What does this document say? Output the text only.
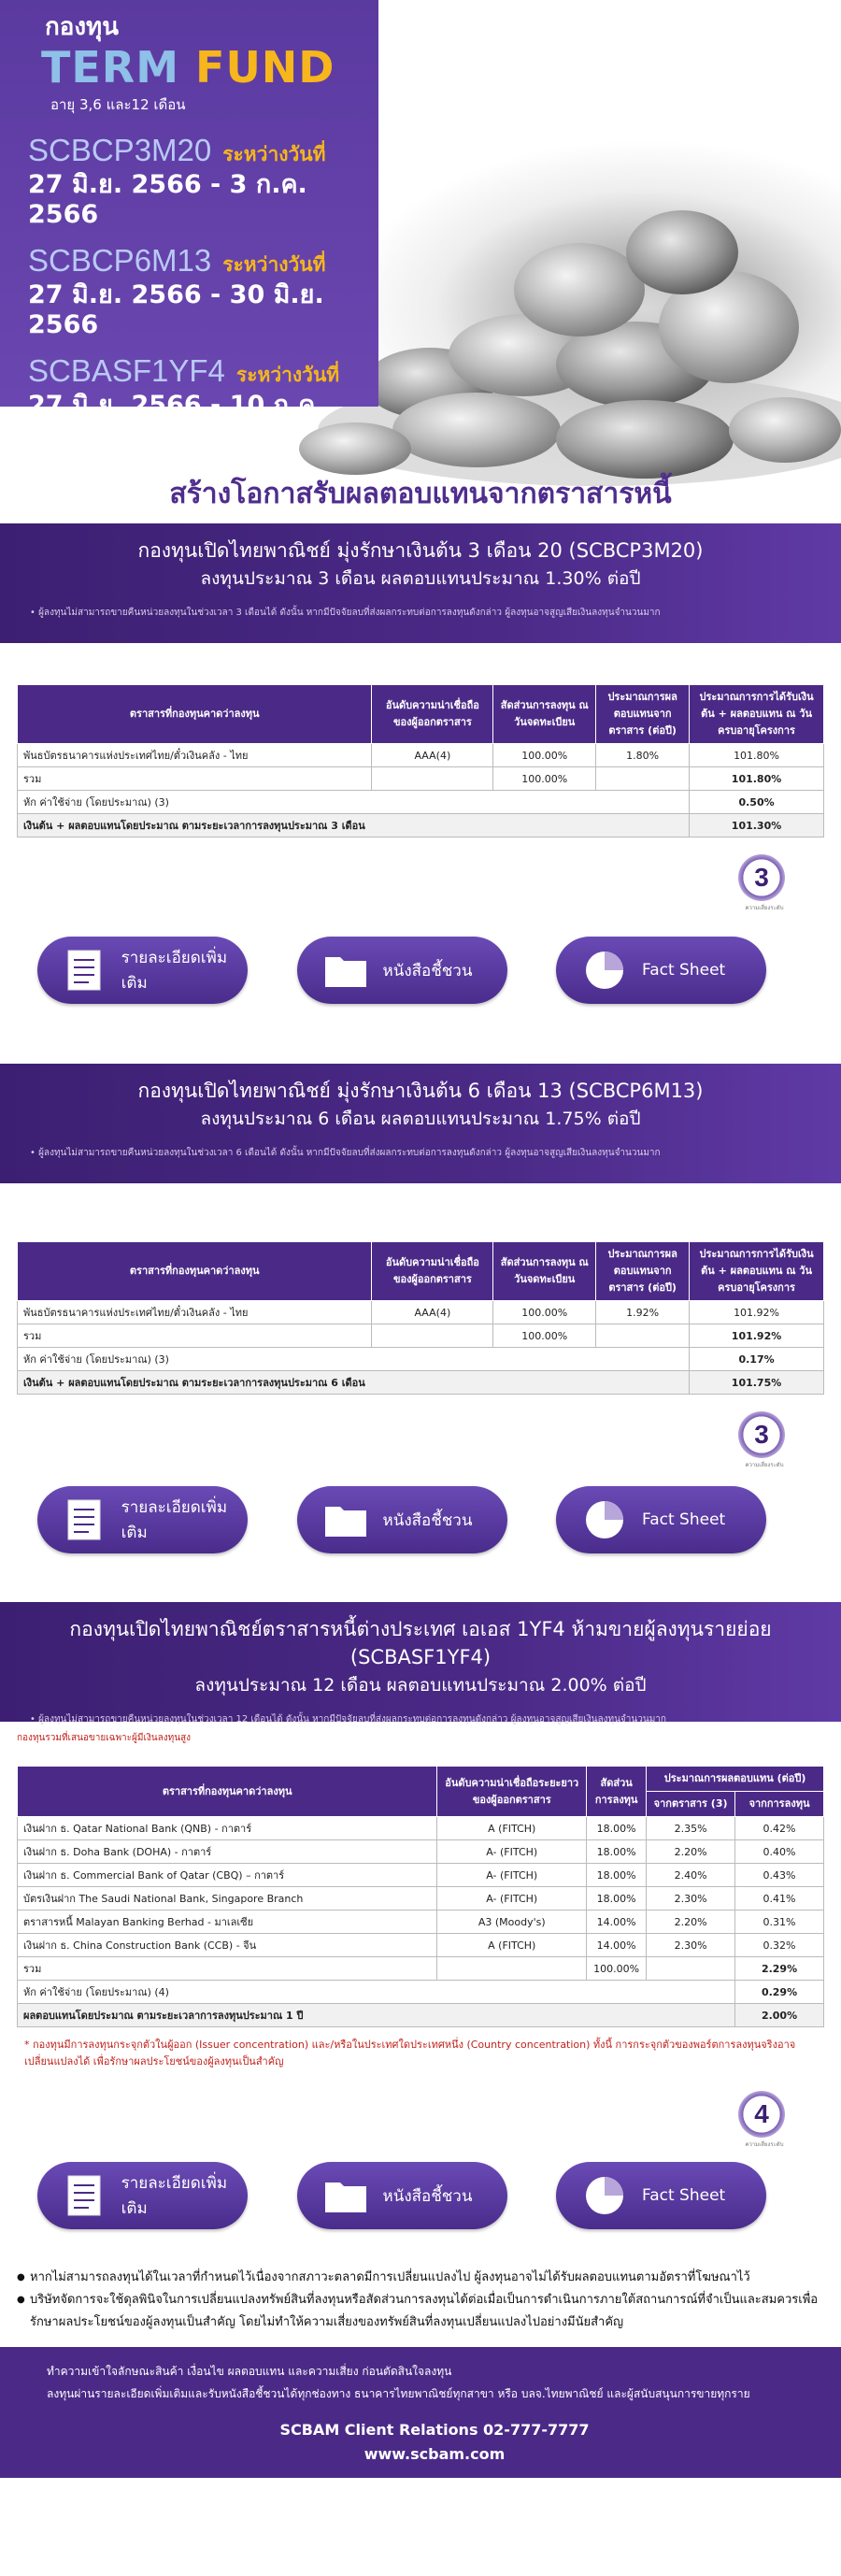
กองทุน
TERM FUND
อายุ 3,6 และ12 เดือน
SCBCP3M20 ระหว่างวันที่
27 มิ.ย. 2566 - 3 ก.ค. 2566
SCBCP6M13 ระหว่างวันที่
27 มิ.ย. 2566 - 30 มิ.ย. 2566
SCBASF1YF4 ระหว่างวันที่
27 มิ.ย. 2566 - 10 ก.ค. 2566
สร้างโอกาสรับผลตอบแทนจากตราสารหนี้
กองทุนเปิดไทยพาณิชย์ มุ่งรักษาเงินต้น 3 เดือน 20 (SCBCP3M20)
ลงทุนประมาณ 3 เดือน ผลตอบแทนประมาณ 1.30% ต่อปี
• ผู้ลงทุนไม่สามารถขายคืนหน่วยลงทุนในช่วงเวลา 3 เดือนได้ ดังนั้น หากมีปัจจัยลบที่ส่งผลกระทบต่อการลงทุนดังกล่าว ผู้ลงทุนอาจสูญเสียเงินลงทุนจำนวนมาก
ตราสารที่กองทุนคาดว่าลงทุน	อันดับความน่าเชื่อถือของผู้ออกตราสาร	สัดส่วนการลงทุน ณ วันจดทะเบียน	ประมาณการผลตอบแทนจากตราสาร (ต่อปี)	ประมาณการการได้รับเงินต้น + ผลตอบแทน ณ วันครบอายุโครงการ
พันธบัตรธนาคารแห่งประเทศไทย/ตั๋วเงินคลัง - ไทย	AAA(4)	100.00%	1.80%	101.80%
รวม		100.00%		101.80%
หัก ค่าใช้จ่าย (โดยประมาณ) (3)				0.50%
เงินต้น + ผลตอบแทนโดยประมาณ ตามระยะเวลาการลงทุนประมาณ 3 เดือน				101.30%
3
ความเสี่ยงระดับ
รายละเอียดเพิ่มเติม
หนังสือชี้ชวน	Fact Sheet
กองทุนเปิดไทยพาณิชย์ มุ่งรักษาเงินต้น 6 เดือน 13 (SCBCP6M13)
ลงทุนประมาณ 6 เดือน ผลตอบแทนประมาณ 1.75% ต่อปี
• ผู้ลงทุนไม่สามารถขายคืนหน่วยลงทุนในช่วงเวลา 6 เดือนได้ ดังนั้น หากมีปัจจัยลบที่ส่งผลกระทบต่อการลงทุนดังกล่าว ผู้ลงทุนอาจสูญเสียเงินลงทุนจำนวนมาก
ตราสารที่กองทุนคาดว่าลงทุน	อันดับความน่าเชื่อถือของผู้ออกตราสาร	สัดส่วนการลงทุน ณ วันจดทะเบียน	ประมาณการผลตอบแทนจากตราสาร (ต่อปี)	ประมาณการการได้รับเงินต้น + ผลตอบแทน ณ วันครบอายุโครงการ
พันธบัตรธนาคารแห่งประเทศไทย/ตั๋วเงินคลัง - ไทย	AAA(4)	100.00%	1.92%	101.92%
รวม		100.00%		101.92%
หัก ค่าใช้จ่าย (โดยประมาณ) (3)				0.17%
เงินต้น + ผลตอบแทนโดยประมาณ ตามระยะเวลาการลงทุนประมาณ 6 เดือน				101.75%
3
ความเสี่ยงระดับ
รายละเอียดเพิ่มเติม
หนังสือชี้ชวน	Fact Sheet
กองทุนเปิดไทยพาณิชย์ตราสารหนี้ต่างประเทศ เอเอส 1YF4 ห้ามขายผู้ลงทุนรายย่อย (SCBASF1YF4)
ลงทุนประมาณ 12 เดือน ผลตอบแทนประมาณ 2.00% ต่อปี
• ผู้ลงทุนไม่สามารถขายคืนหน่วยลงทุนในช่วงเวลา 12 เดือนได้ ดังนั้น หากมีปัจจัยลบที่ส่งผลกระทบต่อการลงทุนดังกล่าว ผู้ลงทุนอาจสูญเสียเงินลงทุนจำนวนมาก
กองทุนรวมที่เสนอขายเฉพาะผู้มีเงินลงทุนสูง
ตราสารที่กองทุนคาดว่าลงทุน	อันดับความน่าเชื่อถือระยะยาวของผู้ออกตราสาร	สัดส่วนการลงทุน	ประมาณการผลตอบแทน (ต่อปี)	
			จากตราสาร (3)	จากการลงทุน
เงินฝาก ธ. Qatar National Bank (QNB) - กาตาร์	A (FITCH)	18.00%	2.35%	0.42%
เงินฝาก ธ. Doha Bank (DOHA) - กาตาร์	A- (FITCH)	18.00%	2.20%	0.40%
เงินฝาก ธ. Commercial Bank of Qatar (CBQ) – กาตาร์	A- (FITCH)	18.00%	2.40%	0.43%
บัตรเงินฝาก The Saudi National Bank, Singapore Branch	A- (FITCH)	18.00%	2.30%	0.41%
ตราสารหนี้ Malayan Banking Berhad - มาเลเซีย	A3 (Moody's)	14.00%	2.20%	0.31%
เงินฝาก ธ. China Construction Bank (CCB) - จีน	A (FITCH)	14.00%	2.30%	0.32%
รวม		100.00%		2.29%
หัก ค่าใช้จ่าย (โดยประมาณ) (4)				0.29%
ผลตอบแทนโดยประมาณ ตามระยะเวลาการลงทุนประมาณ 1 ปี				2.00%
* กองทุนมีการลงทุนกระจุกตัวในผู้ออก (Issuer concentration) และ/หรือในประเทศใดประเทศหนึ่ง (Country concentration) ทั้งนี้ การกระจุกตัวของพอร์ตการลงทุนจริงอาจเปลี่ยนแปลงได้ เพื่อรักษาผลประโยชน์ของผู้ลงทุนเป็นสำคัญ
4
ความเสี่ยงระดับ
รายละเอียดเพิ่มเติม
หนังสือชี้ชวน	Fact Sheet
● หากไม่สามารถลงทุนได้ในเวลาที่กำหนดไว้เนื่องจากสภาวะตลาดมีการเปลี่ยนแปลงไป ผู้ลงทุนอาจไม่ได้รับผลตอบแทนตามอัตราที่โฆษณาไว้
● บริษัทจัดการจะใช้ดุลพินิจในการเปลี่ยนแปลงทรัพย์สินที่ลงทุนหรือสัดส่วนการลงทุนได้ต่อเมื่อเป็นการดำเนินการภายใต้สถานการณ์ที่จำเป็นและสมควรเพื่อรักษาผลประโยชน์ของผู้ลงทุนเป็นสำคัญ โดยไม่ทำให้ความเสี่ยงของทรัพย์สินที่ลงทุนเปลี่ยนแปลงไปอย่างมีนัยสำคัญ
ทำความเข้าใจลักษณะสินค้า เงื่อนไข ผลตอบแทน และความเสี่ยง ก่อนตัดสินใจลงทุน
ลงทุนผ่านรายละเอียดเพิ่มเติมและรับหนังสือชี้ชวนได้ทุกช่องทาง ธนาคารไทยพาณิชย์ทุกสาขา หรือ บลจ.ไทยพาณิชย์ และผู้สนับสนุนการขายทุกราย
SCBAM Client Relations 02-777-7777
www.scbam.com
